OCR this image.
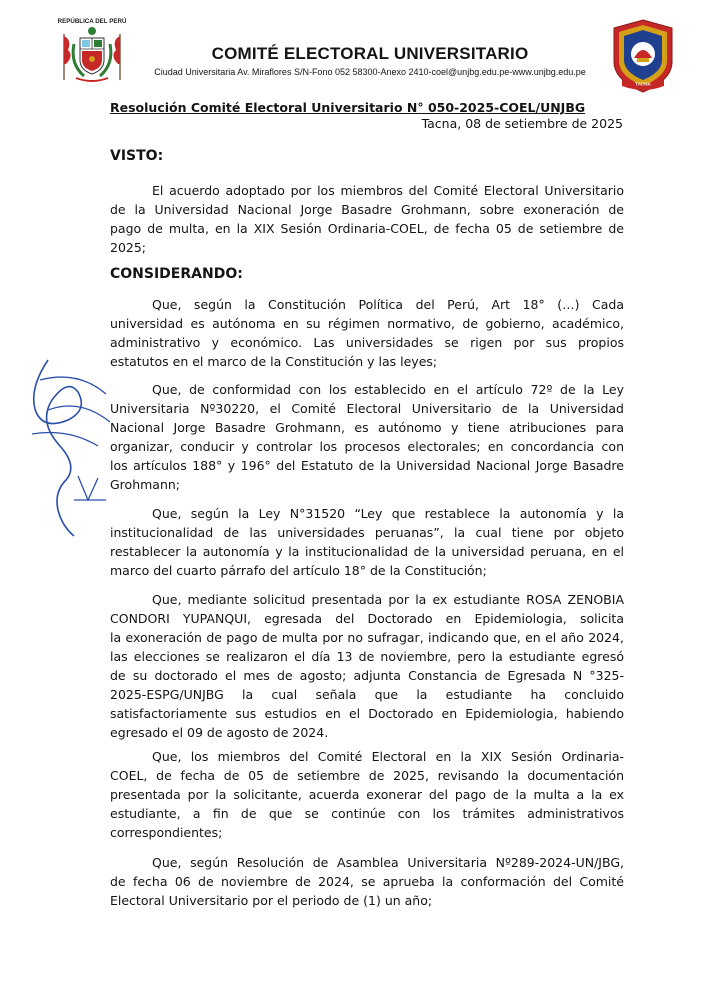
REPÚBLICA DEL PERÚ
COMITÉ ELECTORAL UNIVERSITARIO
Ciudad Universitaria Av. Miraflores S/N-Fono 052 58300-Anexo 2410-coel@unjbg.edu.pe-www.unjbg.edu.pe
TACNA
Resolución Comité Electoral Universitario N° 050-2025-COEL/UNJBG
Tacna, 08 de setiembre de 2025
VISTO:
El acuerdo adoptado por los miembros del Comité Electoral Universitario
de la Universidad Nacional Jorge Basadre Grohmann, sobre exoneración de
pago de multa, en la XIX Sesión Ordinaria-COEL, de fecha 05 de setiembre de
2025;
CONSIDERANDO:
Que, según la Constitución Política del Perú, Art 18° (…) Cada
universidad es autónoma en su régimen normativo, de gobierno, académico,
administrativo y económico. Las universidades se rigen por sus propios
estatutos en el marco de la Constitución y las leyes;
Que, de conformidad con los establecido en el artículo 72º de la Ley
Universitaria Nº30220, el Comité Electoral Universitario de la Universidad
Nacional Jorge Basadre Grohmann, es autónomo y tiene atribuciones para
organizar, conducir y controlar los procesos electorales; en concordancia con
los artículos 188° y 196° del Estatuto de la Universidad Nacional Jorge Basadre
Grohmann;
Que, según la Ley N°31520 “Ley que restablece la autonomía y la
institucionalidad de las universidades peruanas”, la cual tiene por objeto
restablecer la autonomía y la institucionalidad de la universidad peruana, en el
marco del cuarto párrafo del artículo 18° de la Constitución;
Que, mediante solicitud presentada por la ex estudiante ROSA ZENOBIA
CONDORI YUPANQUI, egresada del Doctorado en Epidemiologia, solicita
la exoneración de pago de multa por no sufragar, indicando que, en el año 2024,
las elecciones se realizaron el día 13 de noviembre, pero la estudiante egresó
de su doctorado el mes de agosto; adjunta Constancia de Egresada N °325-
2025-ESPG/UNJBG la cual señala que la estudiante ha concluido
satisfactoriamente sus estudios en el Doctorado en Epidemiologia, habiendo
egresado el 09 de agosto de 2024.
Que, los miembros del Comité Electoral en la XIX Sesión Ordinaria-
COEL, de fecha de 05 de setiembre de 2025, revisando la documentación
presentada por la solicitante, acuerda exonerar del pago de la multa a la ex
estudiante, a fin de que se continúe con los trámites administrativos
correspondientes;
Que, según Resolución de Asamblea Universitaria Nº289-2024-UN/JBG,
de fecha 06 de noviembre de 2024, se aprueba la conformación del Comité
Electoral Universitario por el periodo de (1) un año;
